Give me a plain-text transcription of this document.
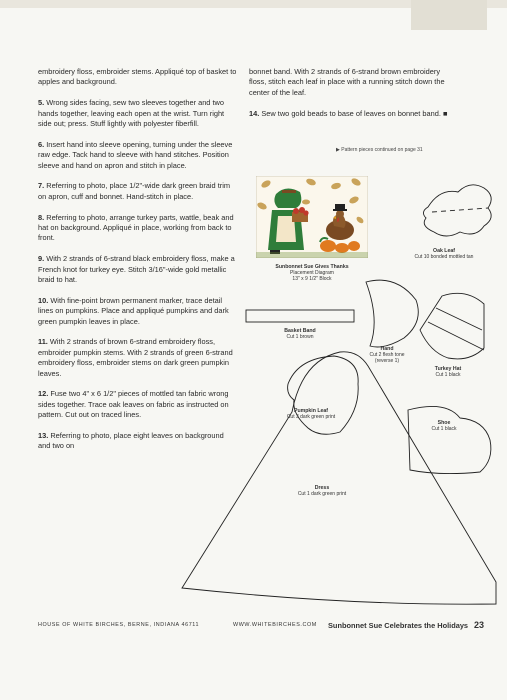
embroidery floss, embroider stems. Appliqué top of basket to apples and background.

5. Wrong sides facing, sew two sleeves together and two hands together, leaving each open at the wrist. Turn right side out; press. Stuff lightly with polyester fiberfill.

6. Insert hand into sleeve opening, turning under the sleeve raw edge. Tack hand to sleeve with hand stitches. Position sleeve and hand on apron and stitch in place.

7. Referring to photo, place 1/2"-wide dark green braid trim on apron, cuff and bonnet. Hand-stitch in place.

8. Referring to photo, arrange turkey parts, wattle, beak and hat on background. Appliqué in place, working from back to front.

9. With 2 strands of 6-strand black embroidery floss, make a French knot for turkey eye. Stitch 3/16"-wide gold metallic braid to hat.

10. With fine-point brown permanent marker, trace detail lines on pumpkins. Place and appliqué pumpkins and dark green pumpkin leaves in place.

11. With 2 strands of brown 6-strand embroidery floss, embroider pumpkin stems. With 2 strands of green 6-strand embroidery floss, embroider stems on dark green pumpkin leaves.

12. Fuse two 4" x 6 1/2" pieces of mottled tan fabric wrong sides together. Trace oak leaves on fabric as instructed on pattern. Cut out on traced lines.

13. Referring to photo, place eight leaves on background and two on

bonnet band. With 2 strands of 6-strand brown embroidery floss, stitch each leaf in place with a running stitch down the center of the leaf.

14. Sew two gold beads to base of leaves on bonnet band. ■

▶ Pattern pieces continued on page 31
Sunbonnet Sue Gives Thanks
Placement Diagram
13" x 9 1/2" Block
Oak Leaf
Cut 10 bonded mottled tan
Basket Band
Cut 1 brown
Hand
Cut 2 flesh tone
(reverse 1)
Turkey Hat
Cut 1 black
Shoe
Cut 1 black
Pumpkin Leaf
Cut 3 dark green print
Dress
Cut 1 dark green print
HOUSE OF WHITE BIRCHES, BERNE, INDIANA 46711	WWW.WHITEBIRCHES.COM Sunbonnet Sue Celebrates the Holidays 23
